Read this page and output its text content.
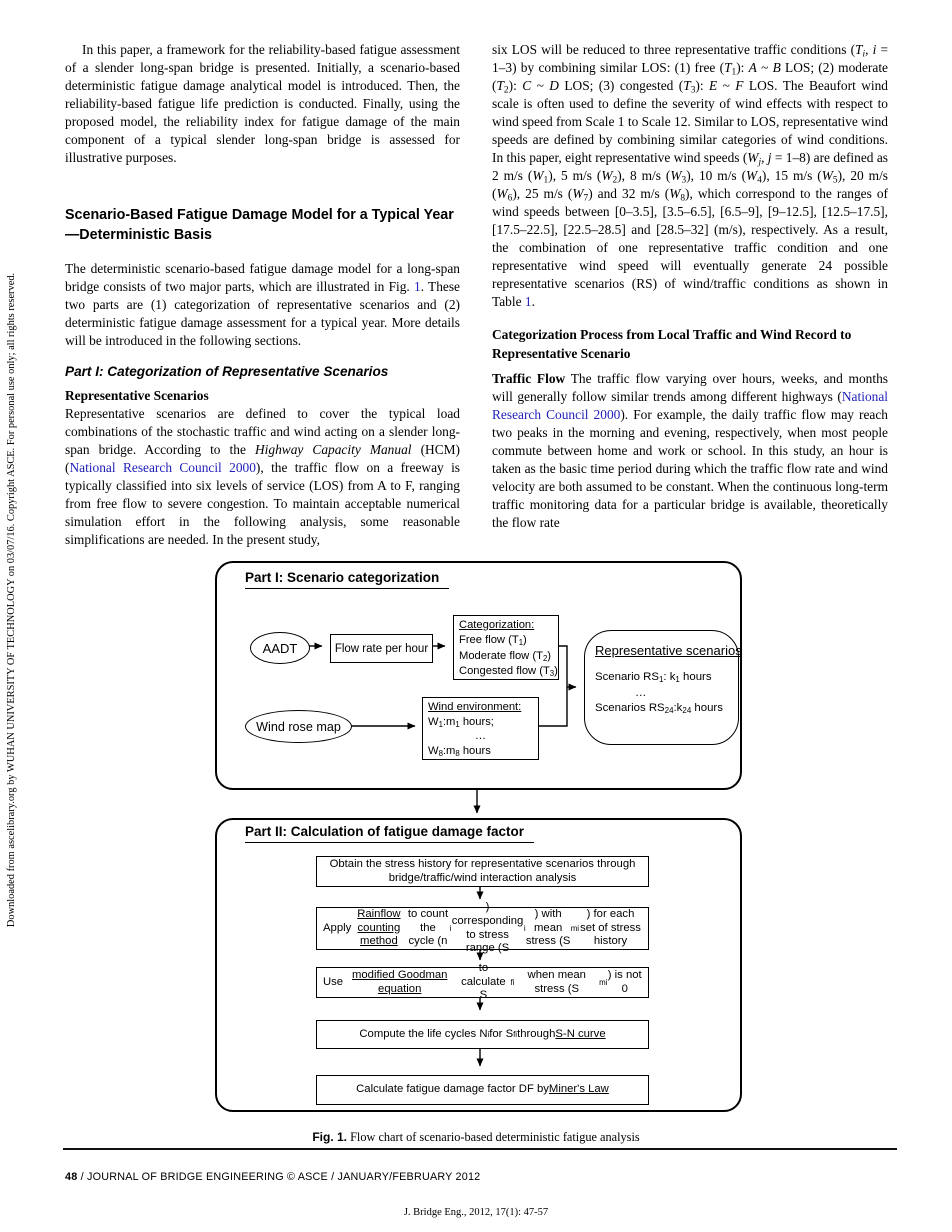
Downloaded from ascelibrary.org by WUHAN UNIVERSITY OF TECHNOLOGY on 03/07/16. Copyright ASCE. For personal use only; all rights reserved.

In this paper, a framework for the reliability-based fatigue assessment of a slender long-span bridge is presented. Initially, a scenario-based deterministic fatigue damage analytical model is introduced. Then, the reliability-based fatigue life prediction is conducted. Finally, using the proposed model, the reliability index for fatigue damage of the main component of a typical slender long-span bridge is assessed for illustrative purposes.

Scenario-Based Fatigue Damage Model for a Typical Year—Deterministic Basis

The deterministic scenario-based fatigue damage model for a long-span bridge consists of two major parts, which are illustrated in Fig. 1. These two parts are (1) categorization of representative scenarios and (2) deterministic fatigue damage assessment for a typical year. More details will be introduced in the following sections.

Part I: Categorization of Representative Scenarios
Representative Scenarios

Representative scenarios are defined to cover the typical load combinations of the stochastic traffic and wind acting on a slender long-span bridge. According to the Highway Capacity Manual (HCM) (National Research Council 2000), the traffic flow on a freeway is typically classified into six levels of service (LOS) from A to F, ranging from free flow to severe congestion. To maintain acceptable numerical simulation effort in the following analysis, some reasonable simplifications are needed. In the present study,

six LOS will be reduced to three representative traffic conditions (Ti, i = 1–3) by combining similar LOS: (1) free (T1): A ~ B LOS; (2) moderate (T2): C ~ D LOS; (3) congested (T3): E ~ F LOS. The Beaufort wind scale is often used to define the severity of wind effects with respect to wind speed from Scale 1 to Scale 12. Similar to LOS, representative wind speeds are defined by combining similar categories of wind conditions. In this paper, eight representative wind speeds (Wj, j = 1–8) are defined as 2 m/s (W1), 5 m/s (W2), 8 m/s (W3), 10 m/s (W4), 15 m/s (W5), 20 m/s (W6), 25 m/s (W7) and 32 m/s (W8), which correspond to the ranges of wind speeds between [0–3.5], [3.5–6.5], [6.5–9], [9–12.5], [12.5–17.5], [17.5–22.5], [22.5–28.5] and [28.5–32] (m/s), respectively. As a result, the combination of one representative traffic condition and one representative wind speed will eventually generate 24 possible representative scenarios (RS) of wind/traffic conditions as shown in Table 1.

Categorization Process from Local Traffic and Wind Record to Representative Scenario

Traffic Flow The traffic flow varying over hours, weeks, and months will generally follow similar trends among different highways (National Research Council 2000). For example, the daily traffic flow may reach two peaks in the morning and evening, respectively, when most people commute between home and work or school. In this study, an hour is taken as the basic time period during which the traffic flow rate and wind velocity are both assumed to be constant. When the continuous long-term traffic monitoring data for a particular bridge is available, theoretically the flow rate

Part I: Scenario categorization
AADT	Flow rate per hour
Categorization:
Free flow (T1)
Moderate flow (T2)
Congested flow (T3)
Wind rose map
Wind environment:
W1:m1 hours;
…
W8:m8 hours
Representative scenarios
Scenario RS1: k1 hours
…
Scenarios RS24:k24 hours
Part II: Calculation of fatigue damage factor
Obtain the stress history for representative scenarios through bridge/traffic/wind interaction analysis
Apply
Rainflow counting method
to count the cycle (n
i
) corresponding to stress range (S
i
) with mean stress (S
mi
) for each set of stress history
Use
modified Goodman equation
to calculate S
fi
when mean stress (S
mi
) is not 0
Compute the life cycles N i for S fi through S-N curve
Calculate fatigue damage factor DF by Miner's Law
Fig. 1. Flow chart of scenario-based deterministic fatigue analysis
48 / JOURNAL OF BRIDGE ENGINEERING © ASCE / JANUARY/FEBRUARY 2012
J. Bridge Eng., 2012, 17(1): 47-57
